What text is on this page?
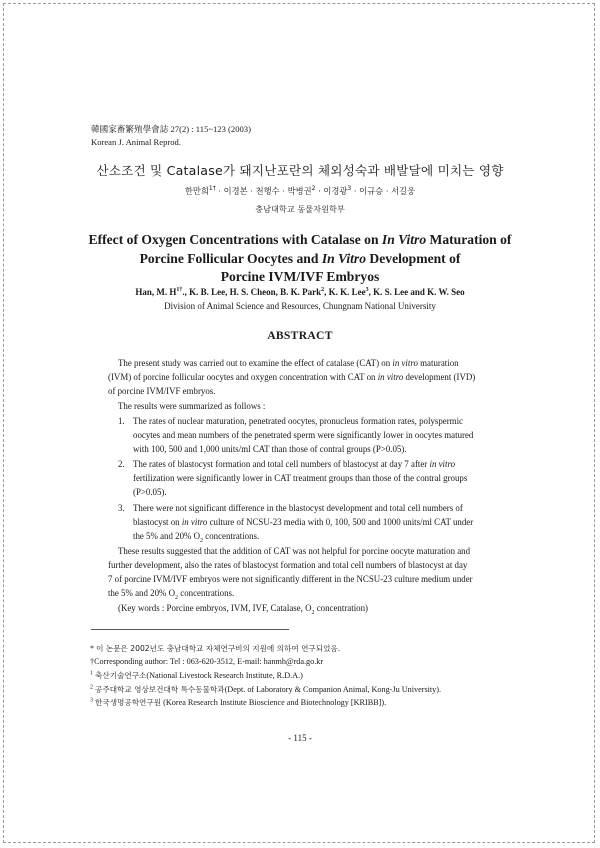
韓國家畜繁殖學會誌 27(2) : 115~123 (2003)
Korean J. Animal Reprod.
산소조건 및 Catalase가 돼지난포란의 체외성숙과 배발달에 미치는 영향
한만희$^{1\dagger}$ · 이경본 · 천행수 · 박병권$^2$ · 이경광$^3$ · 이규승 · 서길웅
충남대학교 동물자원학부
Effect of Oxygen Concentrations with Catalase on In Vitro Maturation of
Porcine Follicular Oocytes and In Vitro Development of
Porcine IVM/IVF Embryos
Han, M. $H^{1\dagger}$., K. B. Lee, H. S. Cheon, B. K. Park$^2$, K. K. Lee$^3$, K. S. Lee and K. W. Seo
Division of Animal Science and Resources, Chungnam National University
ABSTRACT
The present study was carried out to examine the effect of catalase (CAT) on in vitro maturation
(IVM) of porcine follicular oocytes and oxygen concentration with CAT on in vitro development (IVD)
of porcine IVM/IVF embryos.
The results were summarized as follows :
1. The rates of nuclear maturation, penetrated oocytes, pronucleus formation rates, polyspermic
oocytes and mean numbers of the penetrated sperm were significantly lower in oocytes matured
with 100, 500 and 1,000 units/ml CAT than those of contral groups (P>0.05).
2. The rates of blastocyst formation and total cell numbers of blastocyst at day 7 after in vitro
fertilization were significantly lower in CAT treatment groups than those of the contral groups
(P>0.05).
3. There were not significant difference in the blastocyst development and total cell numbers of
blastocyst on in vitro culture of NCSU-23 media with 0, 100, 500 and 1000 units/ml CAT under
the 5% and 20% $O_2$ concentrations.
These results suggested that the addition of CAT was not helpful for porcine oocyte maturation and
further development, also the rates of blastocyst formation and total cell numbers of blastocyst at day
7 of porcine IVM/IVF embryos were not significantly different in the NCSU-23 culture medium under
the 5% and 20% $O_2$ concentrations.
(Key words : Porcine embryos, IVM, IVF, Catalase, $O_2$ concentration)
* 이 논문은 2002년도 충남대학교 자체연구비의 지원에 의하여 연구되었음.
†Corresponding author: Tel : 063-620-3512, E-mail: hanmh@rda.go.kr
$^1$ 축산기술연구소(National Livestock Research Institute, R.D.A.)
$^2$ 공주대학교 영상보건대학 특수동물학과(Dept. of Laboratory & Companion Animal, Kong-Ju University).
$^3$ 한국생명공학연구원 (Korea Research Institute Bioscience and Biotechnology [KRIBB]).
- 115 -
